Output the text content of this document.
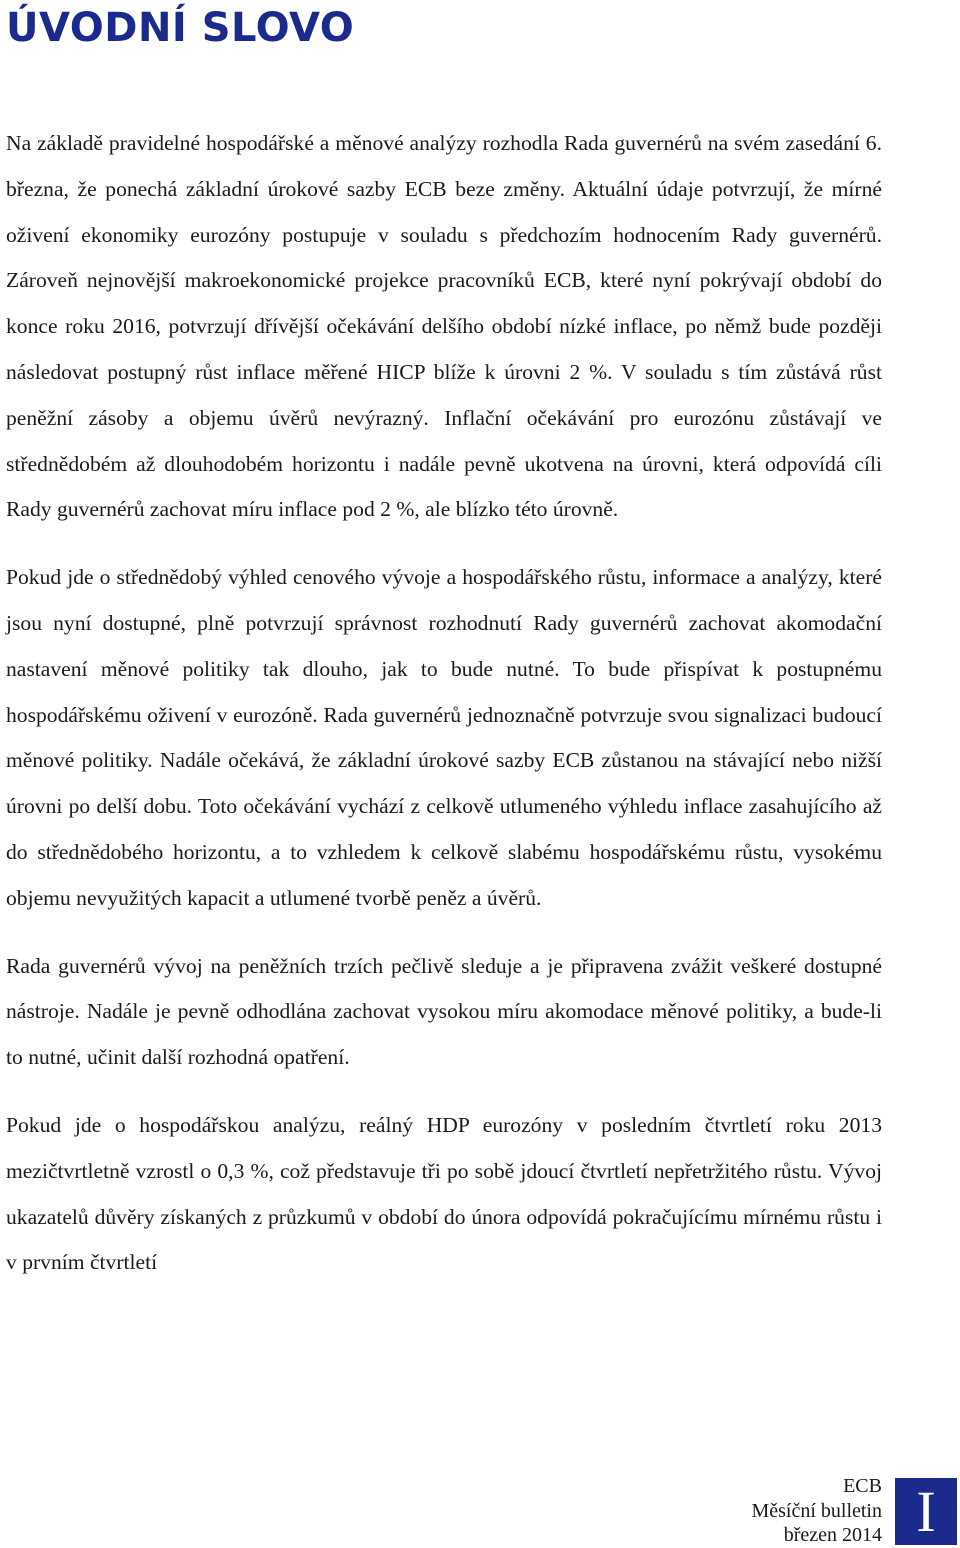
ÚVODNÍ SLOVO

Na základě pravidelné hospodářské a měnové analýzy rozhodla Rada guvernérů na svém zasedání 6. března, že ponechá základní úrokové sazby ECB beze změny. Aktuální údaje potvrzují, že mírné oživení ekonomiky eurozóny postupuje v souladu s předchozím hodnocením Rady guvernérů. Zároveň nejnovější makroekonomické projekce pracovníků ECB, které nyní pokrývají období do konce roku 2016, potvrzují dřívější očekávání delšího období nízké inflace, po němž bude později následovat postupný růst inflace měřené HICP blíže k úrovni 2 %. V souladu s tím zůstává růst peněžní zásoby a objemu úvěrů nevýrazný. Inflační očekávání pro eurozónu zůstávají ve střednědobém až dlouhodobém horizontu i nadále pevně ukotvena na úrovni, která odpovídá cíli Rady guvernérů zachovat míru inflace pod 2 %, ale blízko této úrovně.

Pokud jde o střednědobý výhled cenového vývoje a hospodářského růstu, informace a analýzy, které jsou nyní dostupné, plně potvrzují správnost rozhodnutí Rady guvernérů zachovat akomodační nastavení měnové politiky tak dlouho, jak to bude nutné. To bude přispívat k postupnému hospodářskému oživení v eurozóně. Rada guvernérů jednoznačně potvrzuje svou signalizaci budoucí měnové politiky. Nadále očekává, že základní úrokové sazby ECB zůstanou na stávající nebo nižší úrovni po delší dobu. Toto očekávání vychází z celkově utlumeného výhledu inflace zasahujícího až do střednědobého horizontu, a to vzhledem k celkově slabému hospodářskému růstu, vysokému objemu nevyužitých kapacit a utlumené tvorbě peněz a úvěrů.

Rada guvernérů vývoj na peněžních trzích pečlivě sleduje a je připravena zvážit veškeré dostupné nástroje. Nadále je pevně odhodlána zachovat vysokou míru akomodace měnové politiky, a bude-li to nutné, učinit další rozhodná opatření.

Pokud jde o hospodářskou analýzu, reálný HDP eurozóny v posledním čtvrtletí roku 2013 mezičtvrtletně vzrostl o 0,3 %, což představuje tři po sobě jdoucí čtvrtletí nepřetržitého růstu. Vývoj ukazatelů důvěry získaných z průzkumů v období do února odpovídá pokračujícímu mírnému růstu i v prvním čtvrtletí

ECB
Měsíční bulletin
březen 2014 I
